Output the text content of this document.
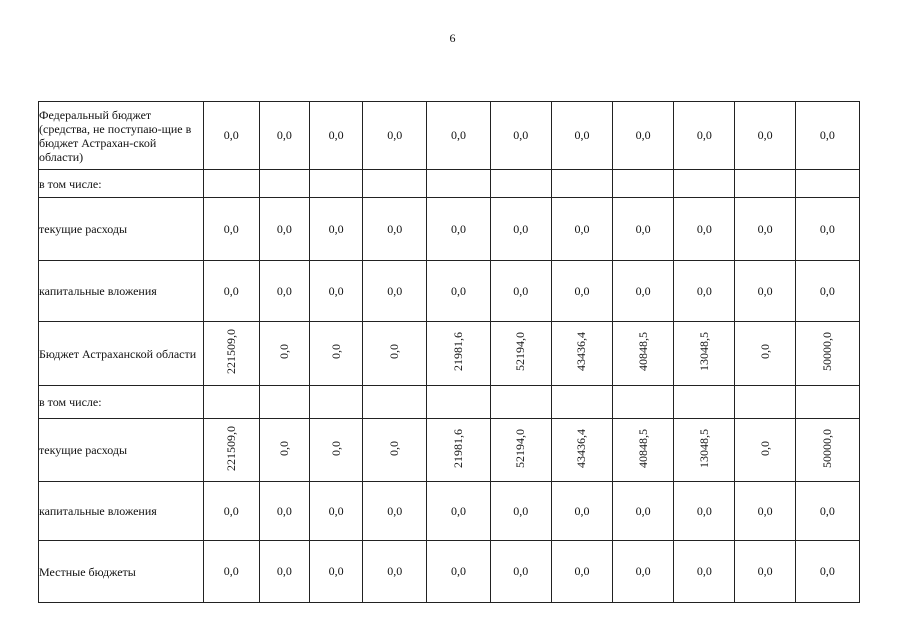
6
Федеральный бюджет (средства, не поступаю-щие в бюджет Астрахан-ской области)	0,0	0,0	0,0	0,0	0,0	0,0	0,0	0,0	0,0	0,0	0,0
в том числе:											
текущие расходы	0,0	0,0	0,0	0,0	0,0	0,0	0,0	0,0	0,0	0,0	0,0
капитальные вложения	0,0	0,0	0,0	0,0	0,0	0,0	0,0	0,0	0,0	0,0	0,0
Бюджет Астраханской области	221509,0	0,0	0,0	0,0	21981,6	52194,0	43436,4	40848,5	13048,5	0,0	50000,0
в том числе:											
текущие расходы	221509,0	0,0	0,0	0,0	21981,6	52194,0	43436,4	40848,5	13048,5	0,0	50000,0
капитальные вложения	0,0	0,0	0,0	0,0	0,0	0,0	0,0	0,0	0,0	0,0	0,0
Местные бюджеты	0,0	0,0	0,0	0,0	0,0	0,0	0,0	0,0	0,0	0,0	0,0
